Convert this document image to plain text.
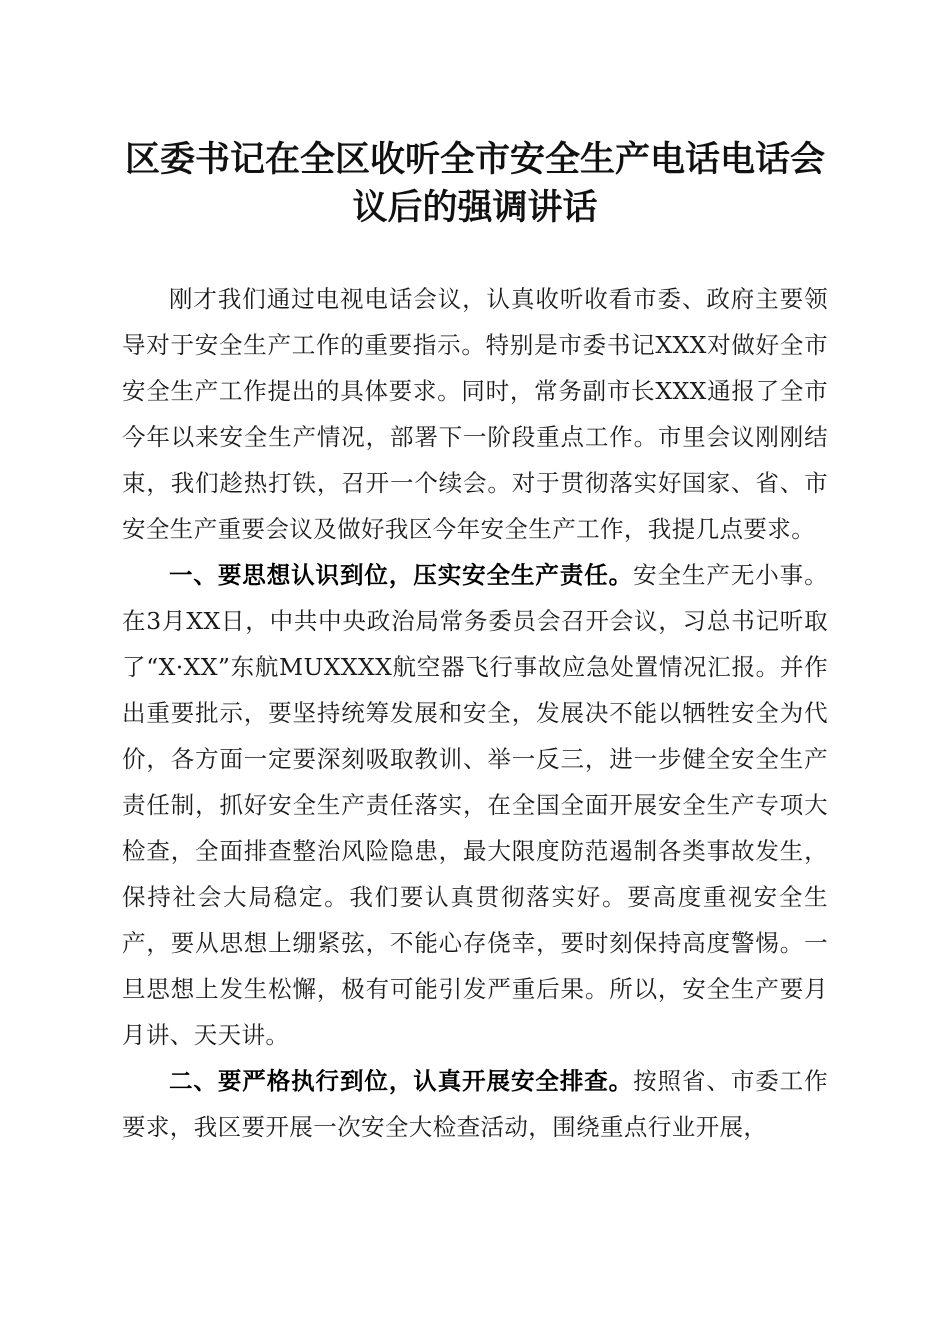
区委书记在全区收听全市安全生产电话电话会议后的强调讲话

刚才我们通过电视电话会议，认真收听收看市委、政府主要领导对于安全生产工作的重要指示。特别是市委书记XXX对做好全市安全生产工作提出的具体要求。同时，常务副市长XXX通报了全市今年以来安全生产情况，部署下一阶段重点工作。市里会议刚刚结束，我们趁热打铁，召开一个续会。对于贯彻落实好国家、省、市安全生产重要会议及做好我区今年安全生产工作，我提几点要求。

一、要思想认识到位，压实安全生产责任。安全生产无小事。在3月XX日，中共中央政治局常务委员会召开会议，习总书记听取了“X·XX”东航MUXXXX航空器飞行事故应急处置情况汇报。并作出重要批示，要坚持统筹发展和安全，发展决不能以牺牲安全为代价，各方面一定要深刻吸取教训、举一反三，进一步健全安全生产责任制，抓好安全生产责任落实，在全国全面开展安全生产专项大检查，全面排查整治风险隐患，最大限度防范遏制各类事故发生，保持社会大局稳定。我们要认真贯彻落实好。要高度重视安全生产，要从思想上绷紧弦，不能心存侥幸，要时刻保持高度警惕。一旦思想上发生松懈，极有可能引发严重后果。所以，安全生产要月月讲、天天讲。

二、要严格执行到位，认真开展安全排查。按照省、市委工作要求，我区要开展一次安全大检查活动，围绕重点行业开展，
